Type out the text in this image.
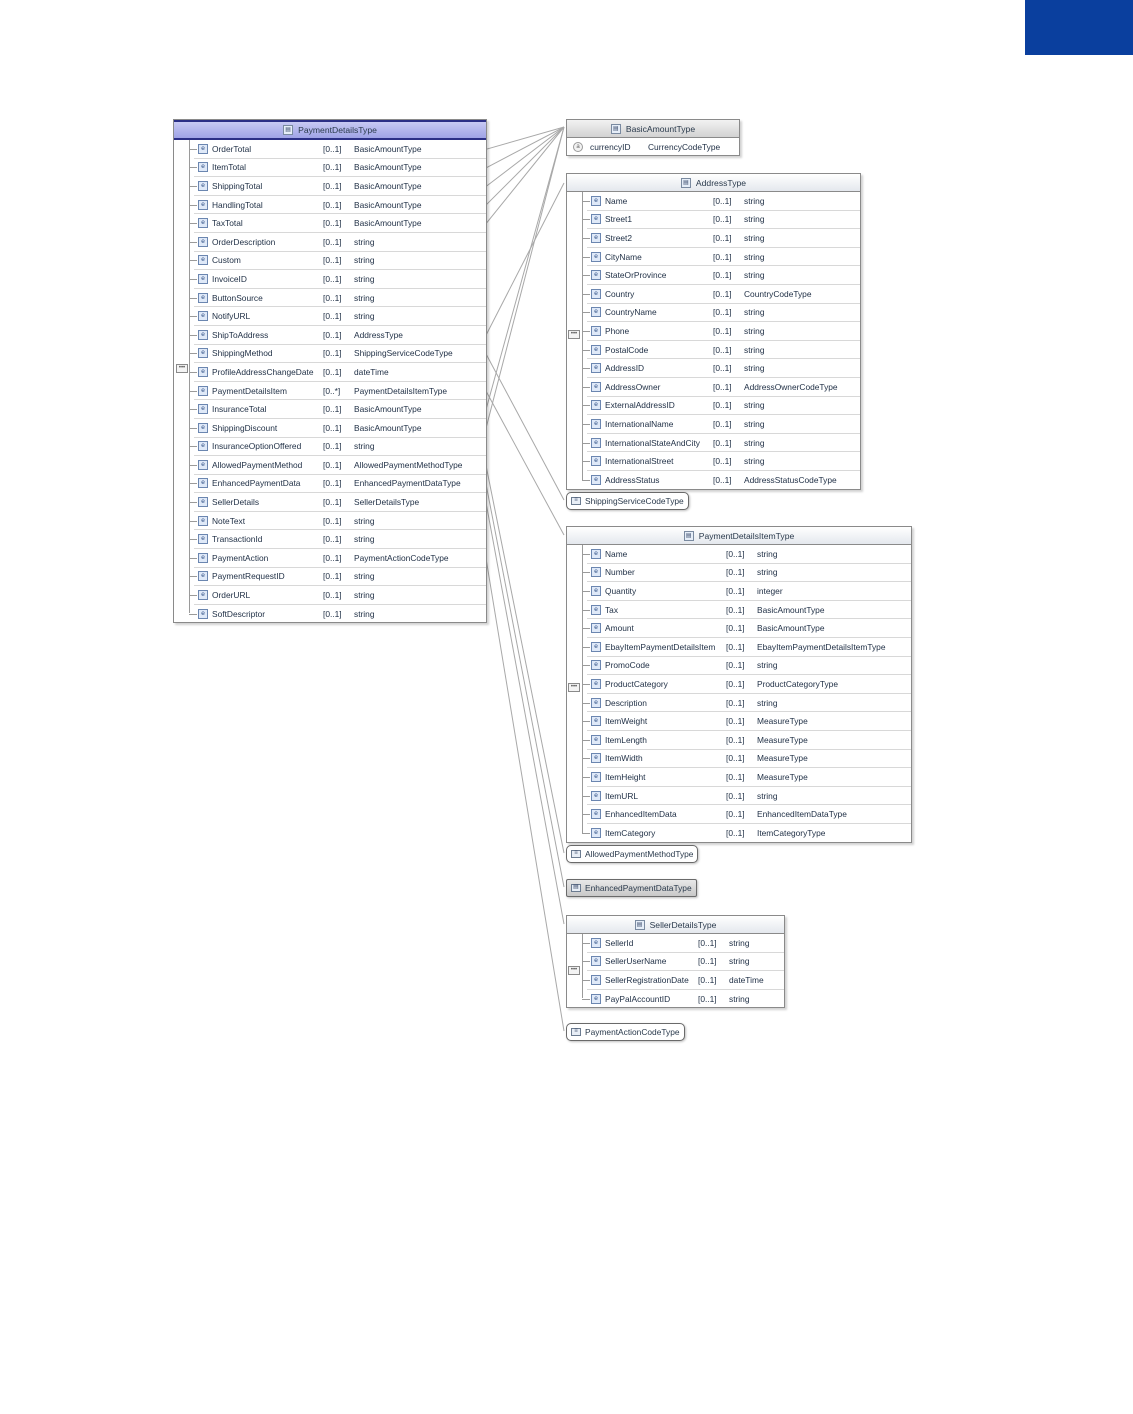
▤ PaymentDetailsType
e OrderTotal	[0..1]	BasicAmountType
e ItemTotal	[0..1]	BasicAmountType
e ShippingTotal	[0..1]	BasicAmountType
e HandlingTotal	[0..1]	BasicAmountType
e TaxTotal	[0..1]	BasicAmountType
e OrderDescription	[0..1]	string
e Custom	[0..1]	string
e InvoiceID	[0..1]	string
e ButtonSource	[0..1]	string
e NotifyURL	[0..1]	string
e ShipToAddress	[0..1]	AddressType
e ShippingMethod	[0..1]	ShippingServiceCodeType
e ProfileAddressChangeDate	[0..1]	dateTime
e PaymentDetailsItem	[0..*]	PaymentDetailsItemType
e InsuranceTotal	[0..1]	BasicAmountType
e ShippingDiscount	[0..1]	BasicAmountType
e InsuranceOptionOffered	[0..1]	string
e AllowedPaymentMethod	[0..1]	AllowedPaymentMethodType
e EnhancedPaymentData	[0..1]	EnhancedPaymentDataType
e SellerDetails	[0..1]	SellerDetailsType
e NoteText	[0..1]	string
e TransactionId	[0..1]	string
e PaymentAction	[0..1]	PaymentActionCodeType
e PaymentRequestID	[0..1]	string
e OrderURL	[0..1]	string
e SoftDescriptor	[0..1]	string
•••
▤ BasicAmountType
a	currencyID	CurrencyCodeType
▤ AddressType
e Name	[0..1]	string
e Street1	[0..1]	string
e Street2	[0..1]	string
e CityName	[0..1]	string
e StateOrProvince	[0..1]	string
e Country	[0..1]	CountryCodeType
e CountryName	[0..1]	string
e Phone	[0..1]	string
e PostalCode	[0..1]	string
e AddressID	[0..1]	string
e AddressOwner	[0..1]	AddressOwnerCodeType
e ExternalAddressID	[0..1]	string
e InternationalName	[0..1]	string
e InternationalStateAndCity	[0..1]	string
e InternationalStreet	[0..1]	string
e AddressStatus	[0..1]	AddressStatusCodeType
•••
≡ ShippingServiceCodeType
▤ PaymentDetailsItemType
e Name	[0..1]	string
e Number	[0..1]	string
e Quantity	[0..1]	integer
e Tax	[0..1]	BasicAmountType
e Amount	[0..1]	BasicAmountType
e EbayItemPaymentDetailsItem	[0..1]	EbayItemPaymentDetailsItemType
e PromoCode	[0..1]	string
e ProductCategory	[0..1]	ProductCategoryType
e Description	[0..1]	string
e ItemWeight	[0..1]	MeasureType
e ItemLength	[0..1]	MeasureType
e ItemWidth	[0..1]	MeasureType
e ItemHeight	[0..1]	MeasureType
e ItemURL	[0..1]	string
e EnhancedItemData	[0..1]	EnhancedItemDataType
e ItemCategory	[0..1]	ItemCategoryType
•••
≡ AllowedPaymentMethodType
▤ EnhancedPaymentDataType
▤ SellerDetailsType
e SellerId	[0..1]	string
e SellerUserName	[0..1]	string
e SellerRegistrationDate	[0..1]	dateTime
e PayPalAccountID	[0..1]	string
•••
≡ PaymentActionCodeType
